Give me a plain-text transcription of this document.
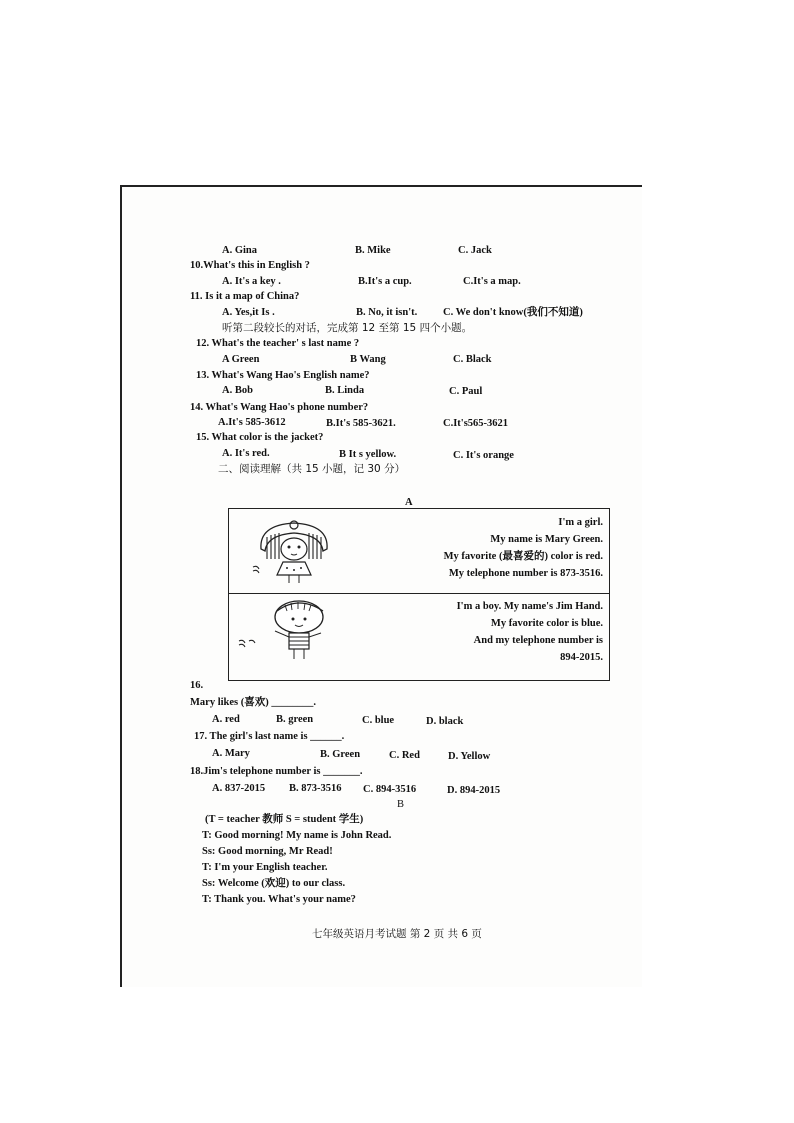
A. Gina	B. Mike	C. Jack
10.What's this in English ?
A. It's a key .	B.It's a cup.	C.It's a map.
11. Is it a map of China?
A. Yes,it Is .	B. No, it isn't. C. We don't know(我们不知道)
听第二段较长的对话，完成第 12 至第 15 四个小题。
12. What's the teacher' s last name ?
A Green	B Wang	C. Black
13. What's Wang Hao's English name?
A. Bob	B. Linda	C. Paul
14. What's Wang Hao's phone number?
A.It's 585-3612	B.It's 585-3621.	C.It's565-3621
15. What color is the jacket?
A. It's red.	B It s yellow.	C. It's orange
二、阅读理解（共 15 小题，记 30 分）
A
I'm a girl.
My name is Mary Green.
My favorite (最喜爱的) color is red.
My telephone number is 873-3516.
I'm a boy. My name's Jim Hand.
My favorite color is blue.
And my telephone number is
894-2015.
16.
Mary likes (喜欢) ________.
A. red	B. green	C. blue	D. black
17. The girl's last name is ______.
A. Mary	B. Green	C. Red	D. Yellow
18.Jim's telephone number is _______.
A. 837-2015 B. 873-3516 C. 894-3516	D. 894-2015
B
(T = teacher 教师 S = student 学生)
T: Good morning! My name is John Read.
Ss: Good morning, Mr Read!
T: I'm your English teacher.
Ss: Welcome (欢迎) to our class.
T: Thank you. What's your name?
七年级英语月考试题 第 2 页 共 6 页
